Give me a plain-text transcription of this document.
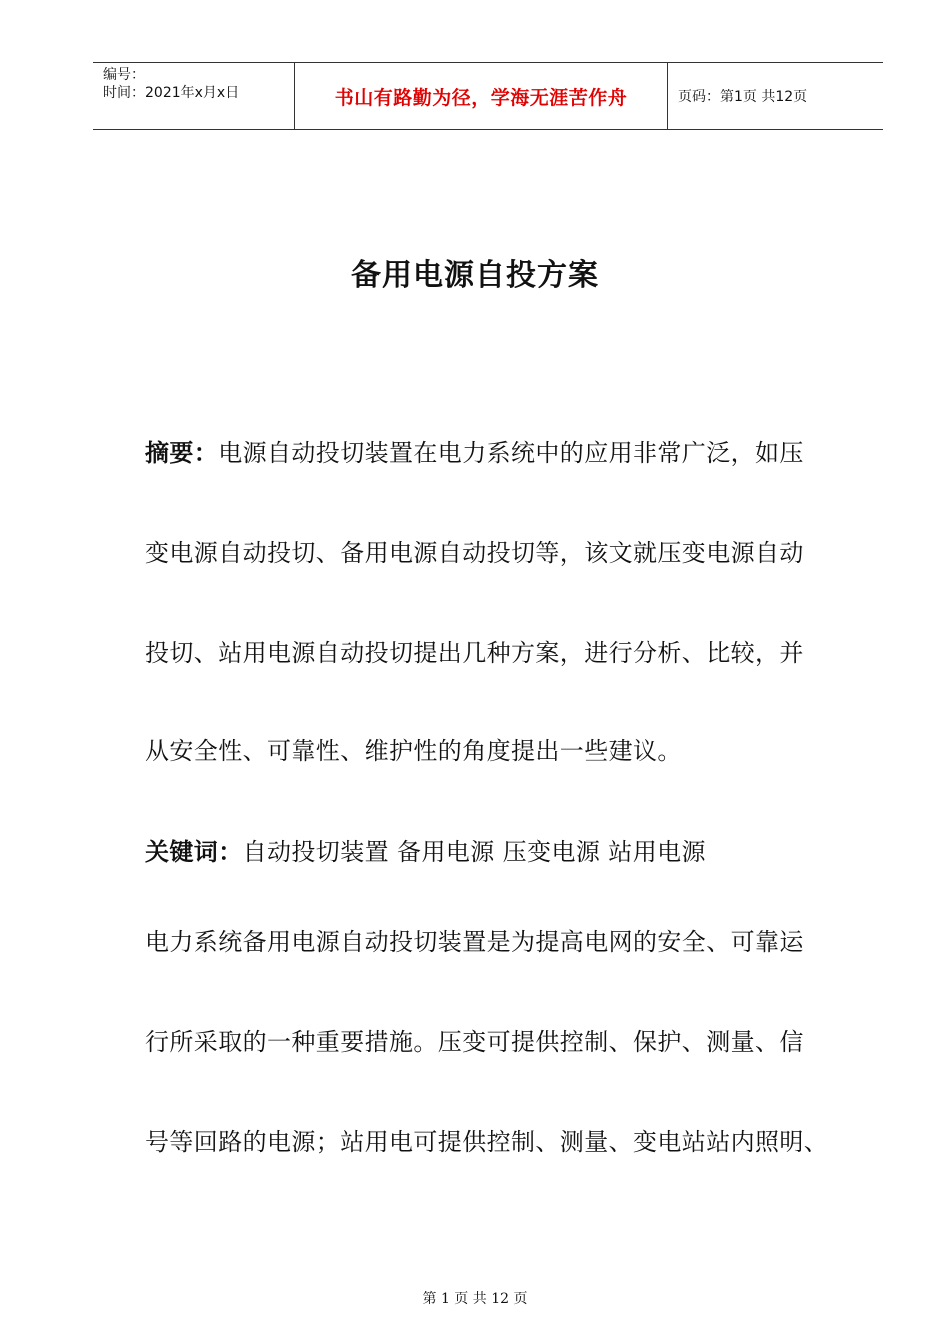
编号：
时间：2021年x月x日	书山有路勤为径，学海无涯苦作舟	页码：第1页 共12页
备用电源自投方案
摘要：电源自动投切装置在电力系统中的应用非常广泛，如压
变电源自动投切、备用电源自动投切等，该文就压变电源自动
投切、站用电源自动投切提出几种方案，进行分析、比较，并
从安全性、可靠性、维护性的角度提出一些建议。
关键词：自动投切装置 备用电源 压变电源 站用电源
电力系统备用电源自动投切装置是为提高电网的安全、可靠运
行所采取的一种重要措施。压变可提供控制、保护、测量、信
号等回路的电源；站用电可提供控制、测量、变电站站内照明、
第 1 页 共 12 页
